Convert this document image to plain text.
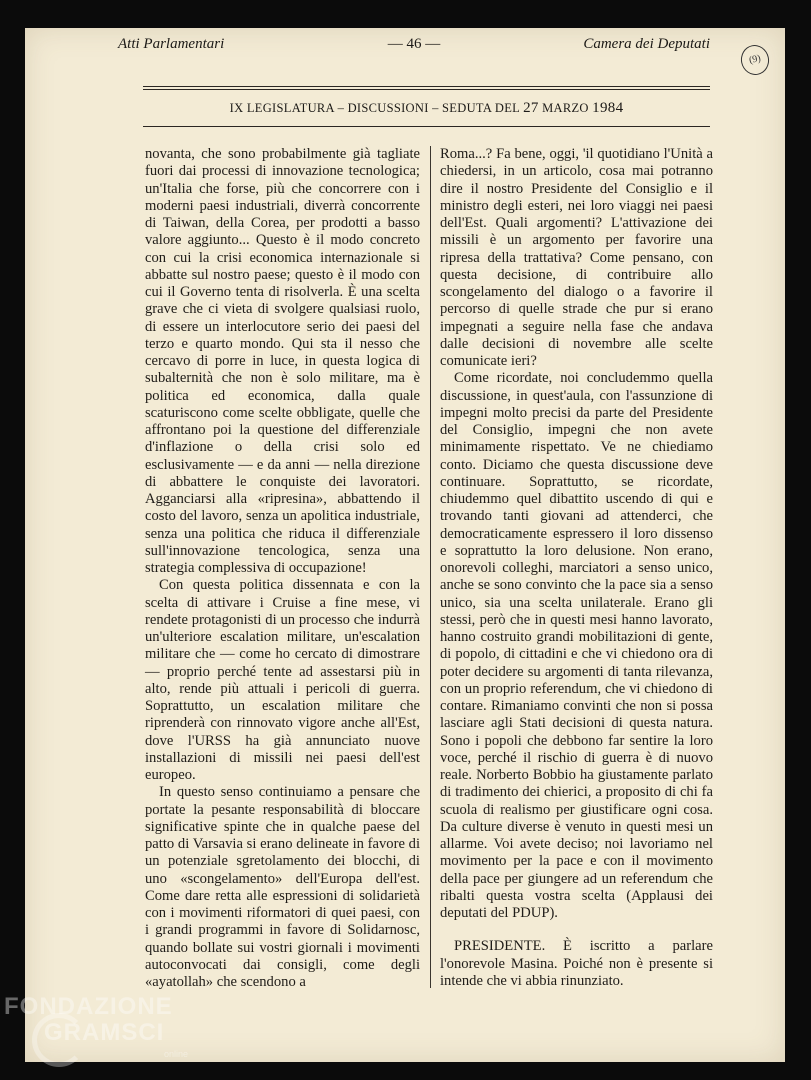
Atti Parlamentari	— 46 —	Camera dei Deputati
(9)
IX LEGISLATURA – DISCUSSIONI – SEDUTA DEL 27 MARZO 1984

novanta, che sono probabilmente già tagliate fuori dai processi di innovazione tecnologica; un'Italia che forse, più che concorrere con i moderni paesi industriali, diverrà concorrente di Taiwan, della Corea, per prodotti a basso valore aggiunto... Questo è il modo concreto con cui la crisi economica internazionale si abbatte sul nostro paese; questo è il modo con cui il Governo tenta di risolverla. È una scelta grave che ci vieta di svolgere qualsiasi ruolo, di essere un interlocutore serio dei paesi del terzo e quarto mondo. Qui sta il nesso che cercavo di porre in luce, in questa logica di subalternità che non è solo militare, ma è politica ed economica, dalla quale scaturiscono come scelte obbligate, quelle che affrontano poi la questione del differenziale d'inflazione o della crisi solo ed esclusivamente — e da anni — nella direzione di abbattere le conquiste dei lavoratori. Agganciarsi alla «ripresina», abbattendo il costo del lavoro, senza un apolitica industriale, senza una politica che riduca il differenziale sull'innovazione tencologica, senza una strategia complessiva di occupazione!

Con questa politica dissennata e con la scelta di attivare i Cruise a fine mese, vi rendete protagonisti di un processo che indurrà un'ulteriore escalation militare, un'escalation militare che — come ho cercato di dimostrare — proprio perché tente ad assestarsi più in alto, rende più attuali i pericoli di guerra. Soprattutto, un escalation militare che riprenderà con rinnovato vigore anche all'Est, dove l'URSS ha già annunciato nuove installazioni di missili nei paesi dell'est europeo.

In questo senso continuiamo a pensare che portate la pesante responsabilità di bloccare significative spinte che in qualche paese del patto di Varsavia si erano delineate in favore di un potenziale sgretolamento dei blocchi, di uno «scongelamento» dell'Europa dell'est. Come dare retta alle espressioni di solidarietà con i movimenti riformatori di quei paesi, con i grandi programmi in favore di Solidarnosc, quando bollate sui vostri giornali i movimenti autoconvocati dai consigli, come degli «ayatollah» che scendono a

Roma...? Fa bene, oggi, 'il quotidiano l'Unità a chiedersi, in un articolo, cosa mai potranno dire il nostro Presidente del Consiglio e il ministro degli esteri, nei loro viaggi nei paesi dell'Est. Quali argomenti? L'attivazione dei missili è un argomento per favorire una ripresa della trattativa? Come pensano, con questa decisione, di contribuire allo scongelamento del dialogo o a favorire il percorso di quelle strade che pur si erano impegnati a seguire nella fase che andava dalle decisioni di novembre alle scelte comunicate ieri?

Come ricordate, noi concludemmo quella discussione, in quest'aula, con l'assunzione di impegni molto precisi da parte del Presidente del Consiglio, impegni che non avete minimamente rispettato. Ve ne chiediamo conto. Diciamo che questa discussione deve continuare. Soprattutto, se ricordate, chiudemmo quel dibattito uscendo di qui e trovando tanti giovani ad attenderci, che democraticamente espressero il loro dissenso e soprattutto la loro delusione. Non erano, onorevoli colleghi, marciatori a senso unico, anche se sono convinto che la pace sia a senso unico, sia una scelta unilaterale. Erano gli stessi, però che in questi mesi hanno lavorato, hanno costruito grandi mobilitazioni di gente, di popolo, di cittadini e che vi chiedono ora di poter decidere su argomenti di tanta rilevanza, con un proprio referendum, che vi chiedono di contare. Rimaniamo convinti che non si possa lasciare agli Stati decisioni di questa natura. Sono i popoli che debbono far sentire la loro voce, perché il rischio di guerra è di nuovo reale. Norberto Bobbio ha giustamente parlato di tradimento dei chierici, a proposito di chi fa scuola di realismo per giustificare ogni cosa. Da culture diverse è venuto in questi mesi un allarme. Voi avete deciso; noi lavoriamo nel movimento per la pace e con il movimento della pace per giungere ad un referendum che ribalti questa vostra scelta (Applausi dei deputati del PDUP).

PRESIDENTE. È iscritto a parlare l'onorevole Masina. Poiché non è presente si intende che vi abbia rinunziato.

FONDAZIONE
GRAMSCI
online
